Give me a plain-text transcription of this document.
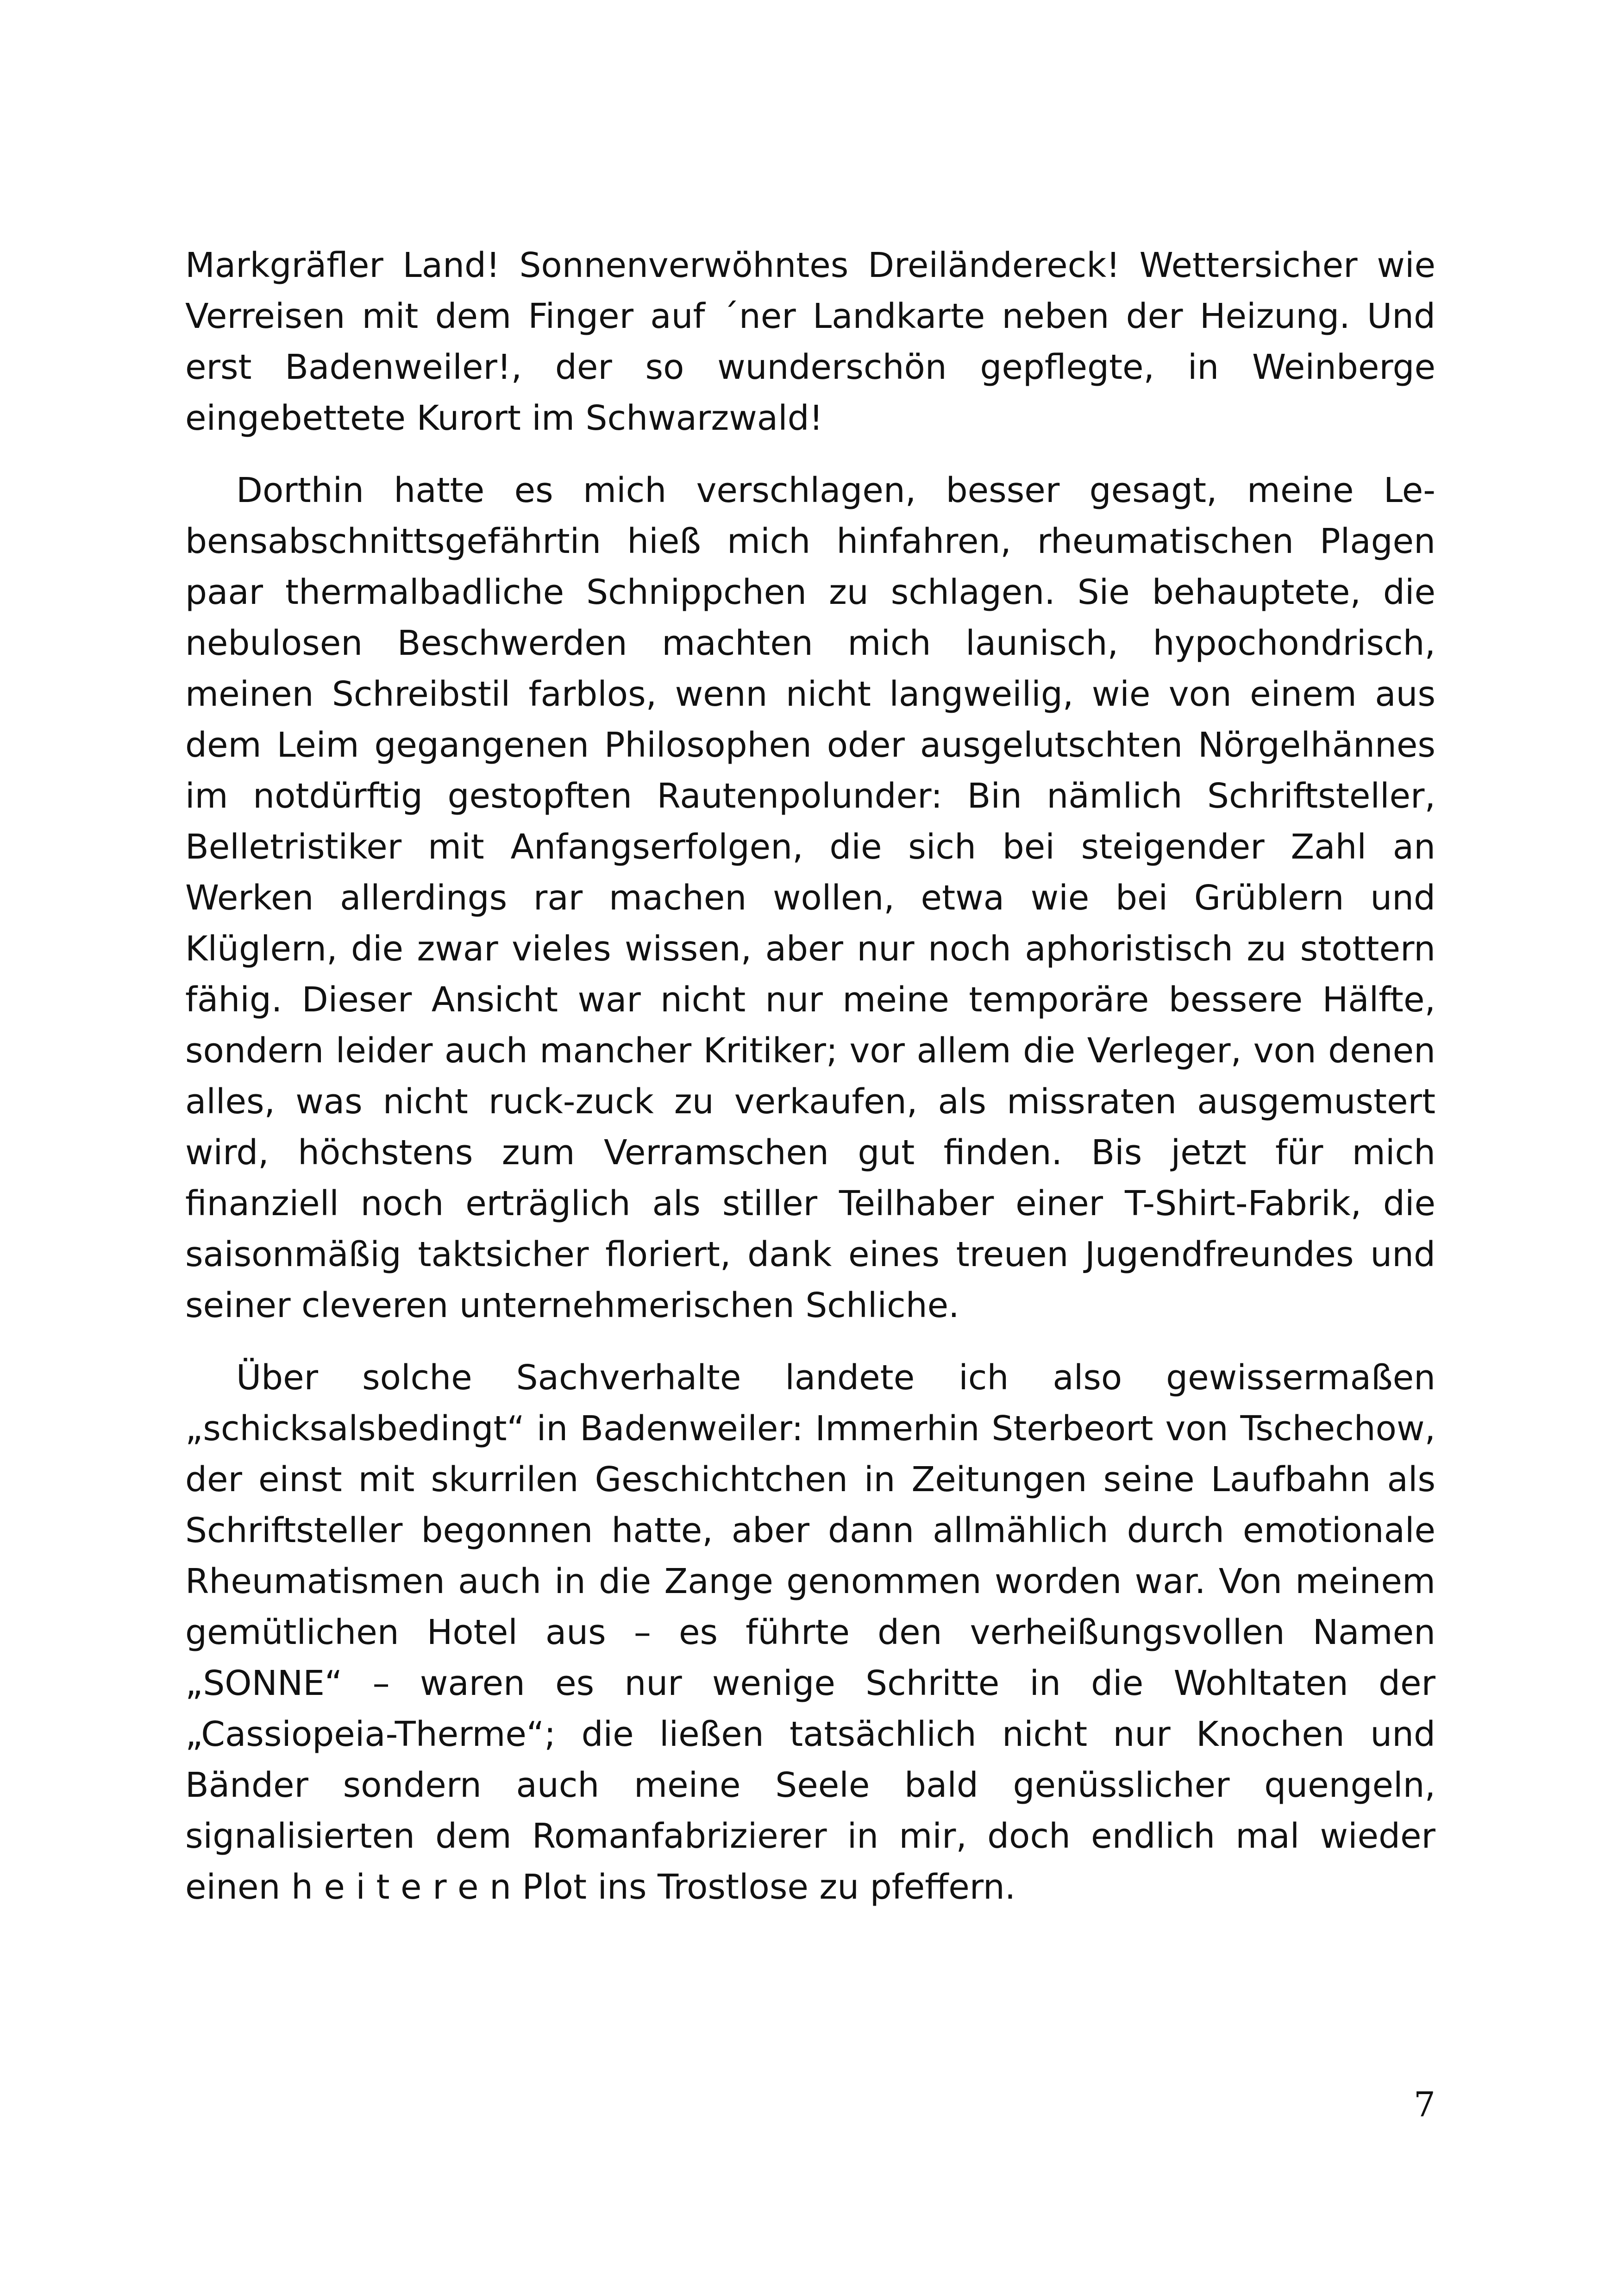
Markgräfler Land! Sonnenverwöhntes Dreiländereck! Wettersicher wie Verreisen mit dem Finger auf ´ner Landkarte neben der Heizung. Und erst Badenweiler!, der so wunderschön gepflegte, in Weinberge eingebettete Kurort im Schwarzwald!

Dorthin hatte es mich verschlagen, besser gesagt, meine Lebensabschnittsgefährtin hieß mich hinfahren, rheumatischen Plagen paar thermalbadliche Schnippchen zu schlagen. Sie behauptete, die nebulosen Beschwerden machten mich launisch, hypochondrisch, meinen Schreibstil farblos, wenn nicht langweilig, wie von einem aus dem Leim gegangenen Philosophen oder ausgelutschten Nörgelhännes im notdürftig gestopften Rautenpolunder: Bin nämlich Schriftsteller, Belletristiker mit Anfangserfolgen, die sich bei steigender Zahl an Werken allerdings rar machen wollen, etwa wie bei Grüblern und Klüglern, die zwar vieles wissen, aber nur noch aphoristisch zu stottern fähig. Dieser Ansicht war nicht nur meine temporäre bessere Hälfte, sondern leider auch mancher Kritiker; vor allem die Verleger, von denen alles, was nicht ruck-zuck zu verkaufen, als missraten ausgemustert wird, höchstens zum Verramschen gut finden. Bis jetzt für mich finanziell noch erträglich als stiller Teilhaber einer T-Shirt-Fabrik, die saisonmäßig taktsicher floriert, dank eines treuen Jugendfreundes und seiner cleveren unternehmerischen Schliche.

Über solche Sachverhalte landete ich also gewissermaßen „schicksalsbedingt“ in Badenweiler: Immerhin Sterbeort von Tschechow, der einst mit skurrilen Geschichtchen in Zeitungen seine Laufbahn als Schriftsteller begonnen hatte, aber dann allmählich durch emotionale Rheumatismen auch in die Zange genommen worden war. Von meinem gemütlichen Hotel aus – es führte den verheißungsvollen Namen „SONNE“ – waren es nur wenige Schritte in die Wohltaten der „Cassiopeia-Therme“; die ließen tatsächlich nicht nur Knochen und Bänder sondern auch meine Seele bald genüsslicher quengeln, signalisierten dem Romanfabrizierer in mir, doch endlich mal wieder einen h e i t e r e n Plot ins Trostlose zu pfeffern.

7
